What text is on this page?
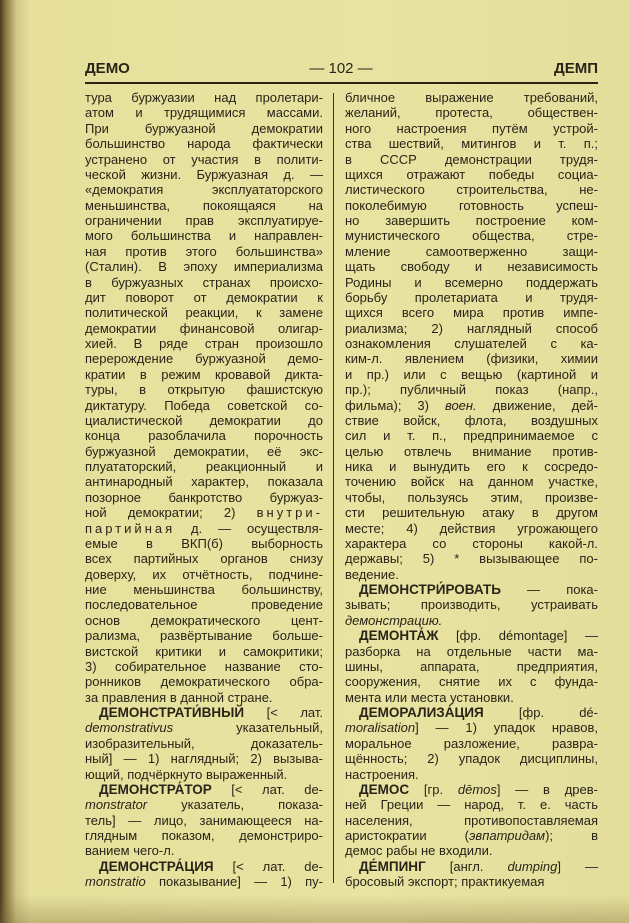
ДЕМО	— 102 —	ДЕМП
тура буржуазии над пролетари-
атом и трудящимися массами.
При буржуазной демократии
большинство народа фактически
устранено от участия в полити-
ческой жизни. Буржуазная д. —
«демократия эксплуататорского
меньшинства, покоящаяся на
ограничении прав эксплуатируе-
мого большинства и направлен-
ная против этого большинства»
(Сталин). В эпоху империализма
в буржуазных странах происхо-
дит поворот от демократии к
политической реакции, к замене
демократии финансовой олигар-
хией. В ряде стран произошло
перерождение буржуазной демо-
кратии в режим кровавой дикта-
туры, в открытую фашистскую
диктатуру. Победа советской со-
циалистической демократии до
конца разоблачила порочность
буржуазной демократии, её экс-
плуататорский, реакционный и
антинародный характер, показала
позорное банкротство буржуаз-
ной демократии; 2) внутри-
партийная д. — осуществля-
емые в ВКП(б) выборность
всех партийных органов снизу
доверху, их отчётность, подчине-
ние меньшинства большинству,
последовательное проведение
основ демократического цент-
рализма, развёртывание больше-
вистской критики и самокритики;
3) собирательное название сто-
ронников демократического обра-
за правления в данной стране.
ДЕМОНСТРАТИ́ВНЫЙ [< лат.
demonstrativus указательный,
изобразительный, доказатель-
ный] — 1) наглядный; 2) вызыва-
ющий, подчёркнуто выраженный.
ДЕМОНСТРА́ТОР [< лат. de-
monstrator указатель, показа-
тель] — лицо, занимающееся на-
глядным показом, демонстриро-
ванием чего-л.
ДЕМОНСТРА́ЦИЯ [< лат. de-
monstratio показывание] — 1) пу-
бличное выражение требований,
желаний, протеста, обществен-
ного настроения путём устрой-
ства шествий, митингов и т. п.;
в СССР демонстрации трудя-
щихся отражают победы социа-
листического строительства, не-
поколебимую готовность успеш-
но завершить построение ком-
мунистического общества, стре-
мление самоотверженно защи-
щать свободу и независимость
Родины и всемерно поддержать
борьбу пролетариата и трудя-
щихся всего мира против импе-
риализма; 2) наглядный способ
ознакомления слушателей с ка-
ким-л. явлением (физики, химии
и пр.) или с вещью (картиной и
пр.); публичный показ (напр.,
фильма); 3) воен. движение, дей-
ствие войск, флота, воздушных
сил и т. п., предпринимаемое с
целью отвлечь внимание против-
ника и вынудить его к сосредо-
точению войск на данном участке,
чтобы, пользуясь этим, произве-
сти решительную атаку в другом
месте; 4) действия угрожающего
характера со стороны какой-л.
державы; 5) * вызывающее по-
ведение.
ДЕМОНСТРИ́РОВАТЬ — пока-
зывать; производить, устраивать
демонстрацию.
ДЕМОНТА́Ж [фр. démontage] —
разборка на отдельные части ма-
шины, аппарата, предприятия,
сооружения, снятие их с фунда-
мента или места установки.
ДЕМОРАЛИЗА́ЦИЯ [фр. dé-
moralisation] — 1) упадок нравов,
моральное разложение, развра-
щённость; 2) упадок дисциплины,
настроения.
ДЕМОС [гр. dēmos] — в древ-
ней Греции — народ, т. е. часть
населения, противопоставляемая
аристократии (эвпатридам); в
демос рабы не входили.
ДЕ́МПИНГ [англ. dumping] —
бросовый экспорт; практикуемая
